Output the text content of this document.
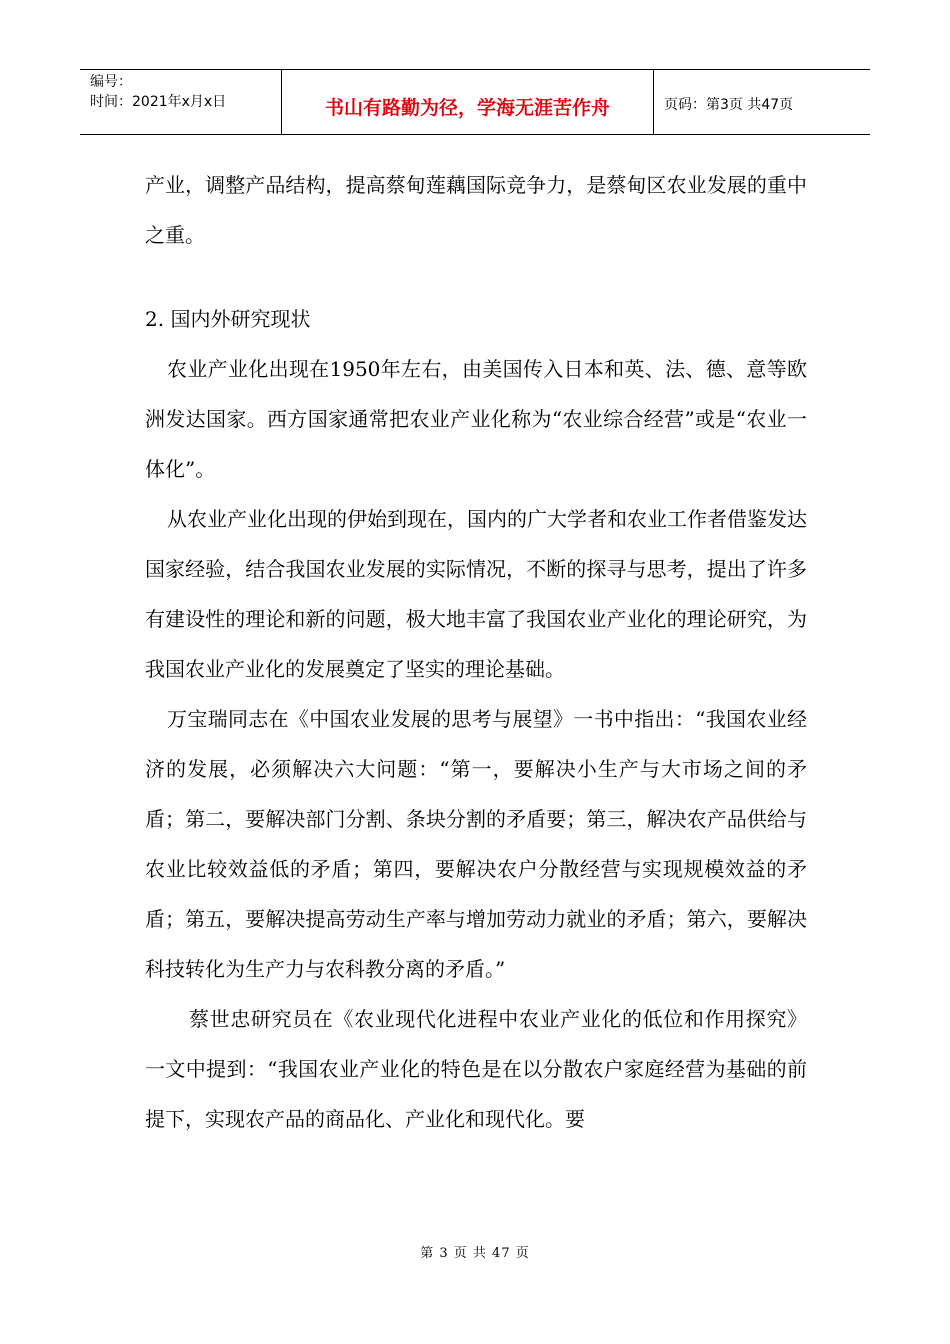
编号：
时间：2021年x月x日	书山有路勤为径，学海无涯苦作舟	页码：第3页 共47页

产业，调整产品结构，提高蔡甸莲藕国际竞争力，是蔡甸区农业发展的重中之重。

2. 国内外研究现状

农业产业化出现在1950年左右，由美国传入日本和英、法、德、意等欧洲发达国家。西方国家通常把农业产业化称为“农业综合经营”或是“农业一体化”。

从农业产业化出现的伊始到现在，国内的广大学者和农业工作者借鉴发达国家经验，结合我国农业发展的实际情况，不断的探寻与思考，提出了许多有建设性的理论和新的问题，极大地丰富了我国农业产业化的理论研究，为我国农业产业化的发展奠定了坚实的理论基础。

万宝瑞同志在《中国农业发展的思考与展望》一书中指出：“我国农业经济的发展，必须解决六大问题：“第一，要解决小生产与大市场之间的矛盾；第二，要解决部门分割、条块分割的矛盾要；第三，解决农产品供给与农业比较效益低的矛盾；第四，要解决农户分散经营与实现规模效益的矛盾；第五，要解决提高劳动生产率与增加劳动力就业的矛盾；第六，要解决科技转化为生产力与农科教分离的矛盾。”

蔡世忠研究员在《农业现代化进程中农业产业化的低位和作用探究》一文中提到：“我国农业产业化的特色是在以分散农户家庭经营为基础的前提下，实现农产品的商品化、产业化和现代化。要

第 3 页 共 47 页
